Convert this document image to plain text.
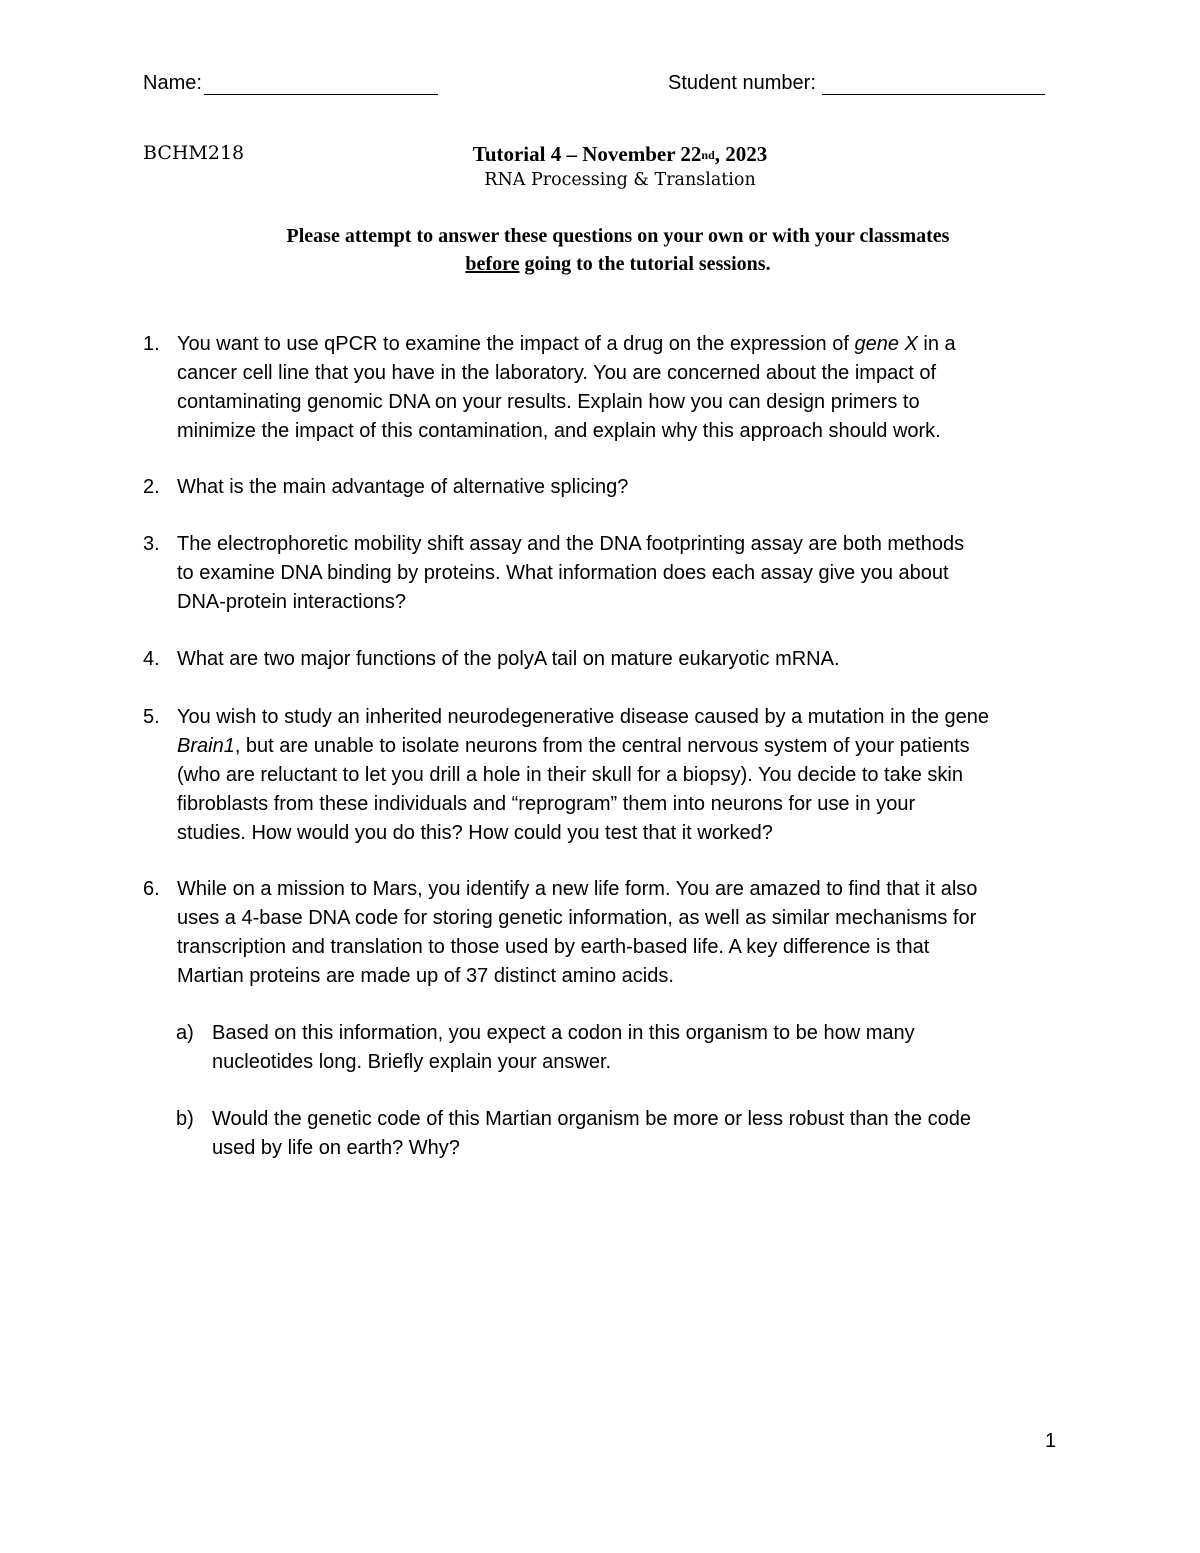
Name:	Student number:
BCHM218	Tutorial 4 – November 22nd, 2023
RNA Processing & Translation
Please attempt to answer these questions on your own or with your classmates
before going to the tutorial sessions.
1. You want to use qPCR to examine the impact of a drug on the expression of gene X in a
cancer cell line that you have in the laboratory. You are concerned about the impact of
contaminating genomic DNA on your results. Explain how you can design primers to
minimize the impact of this contamination, and explain why this approach should work.
2. What is the main advantage of alternative splicing?
3. The electrophoretic mobility shift assay and the DNA footprinting assay are both methods
to examine DNA binding by proteins. What information does each assay give you about
DNA-protein interactions?
4. What are two major functions of the polyA tail on mature eukaryotic mRNA.
5. You wish to study an inherited neurodegenerative disease caused by a mutation in the gene
Brain1, but are unable to isolate neurons from the central nervous system of your patients
(who are reluctant to let you drill a hole in their skull for a biopsy). You decide to take skin
fibroblasts from these individuals and “reprogram” them into neurons for use in your
studies. How would you do this? How could you test that it worked?
6. While on a mission to Mars, you identify a new life form. You are amazed to find that it also
uses a 4-base DNA code for storing genetic information, as well as similar mechanisms for
transcription and translation to those used by earth-based life. A key difference is that
Martian proteins are made up of 37 distinct amino acids.
a) Based on this information, you expect a codon in this organism to be how many
nucleotides long. Briefly explain your answer.
b) Would the genetic code of this Martian organism be more or less robust than the code
used by life on earth? Why?
1
